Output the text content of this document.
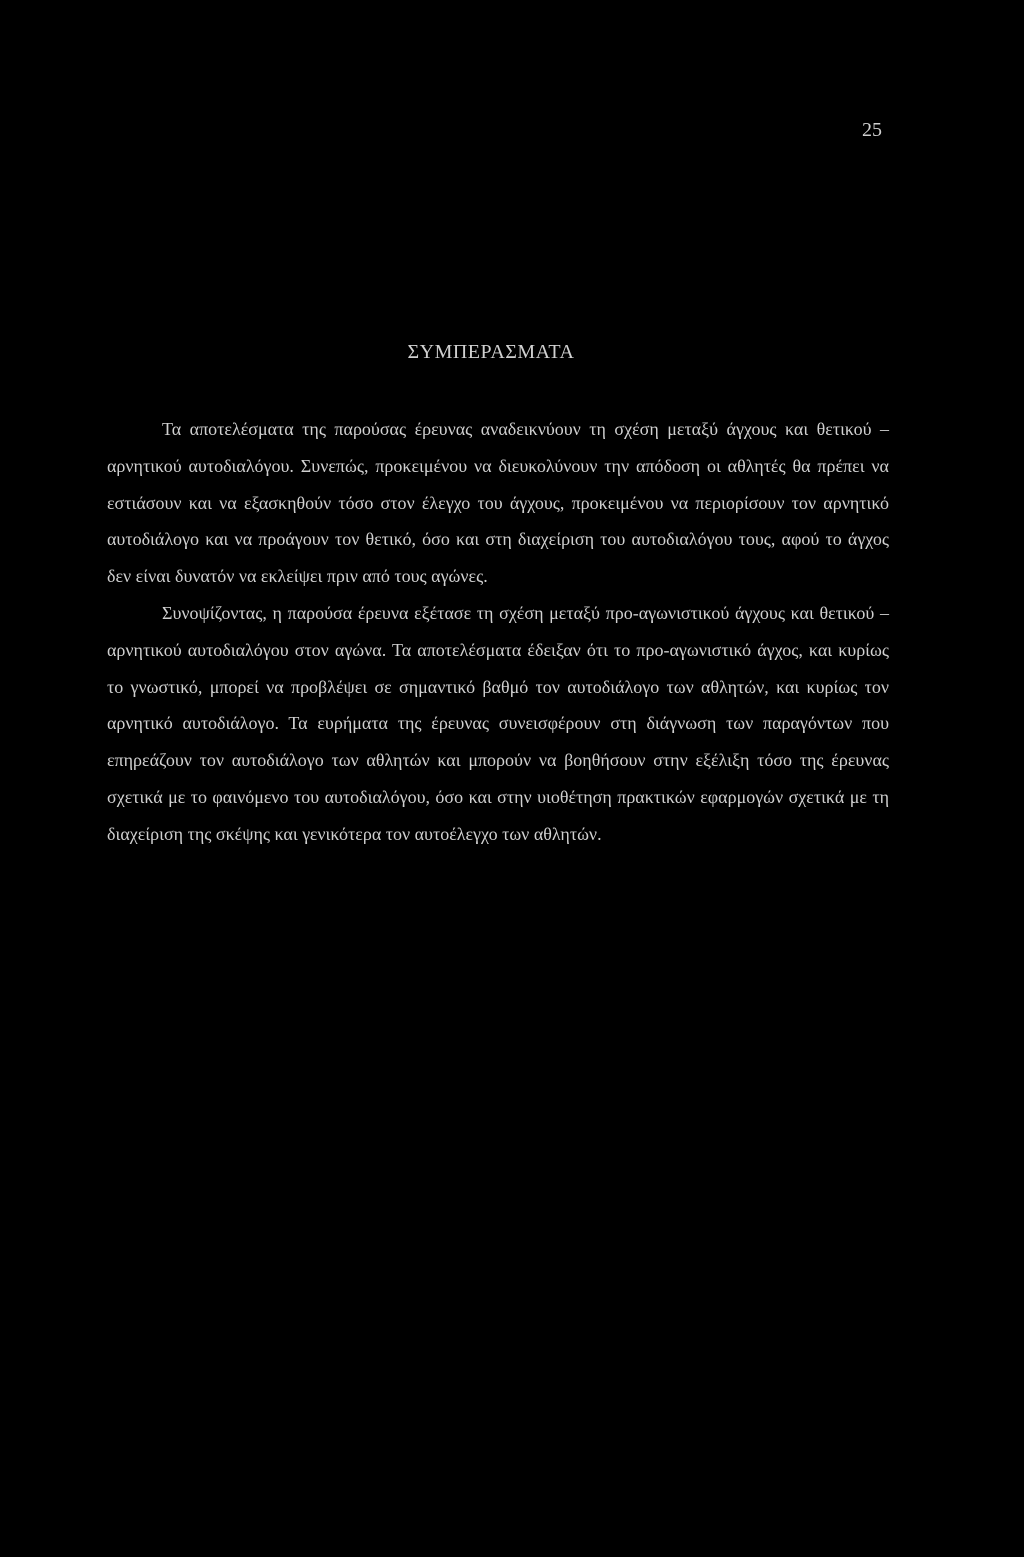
25
ΣΥΜΠΕΡΑΣΜΑΤΑ

Τα αποτελέσματα της παρούσας έρευνας αναδεικνύουν τη σχέση μεταξύ άγχους και θετικού – αρνητικού αυτοδιαλόγου. Συνεπώς, προκειμένου να διευκολύνουν την απόδοση οι αθλητές θα πρέπει να εστιάσουν και να εξασκηθούν τόσο στον έλεγχο του άγχους, προκειμένου να περιορίσουν τον αρνητικό αυτοδιάλογο και να προάγουν τον θετικό, όσο και στη διαχείριση του αυτοδιαλόγου τους, αφού το άγχος δεν είναι δυνατόν να εκλείψει πριν από τους αγώνες.

Συνοψίζοντας, η παρούσα έρευνα εξέτασε τη σχέση μεταξύ προ-αγωνιστικού άγχους και θετικού – αρνητικού αυτοδιαλόγου στον αγώνα. Τα αποτελέσματα έδειξαν ότι το προ-αγωνιστικό άγχος, και κυρίως το γνωστικό, μπορεί να προβλέψει σε σημαντικό βαθμό τον αυτοδιάλογο των αθλητών, και κυρίως τον αρνητικό αυτοδιάλογο. Τα ευρήματα της έρευνας συνεισφέρουν στη διάγνωση των παραγόντων που επηρεάζουν τον αυτοδιάλογο των αθλητών και μπορούν να βοηθήσουν στην εξέλιξη τόσο της έρευνας σχετικά με το φαινόμενο του αυτοδιαλόγου, όσο και στην υιοθέτηση πρακτικών εφαρμογών σχετικά με τη διαχείριση της σκέψης και γενικότερα τον αυτοέλεγχο των αθλητών.
